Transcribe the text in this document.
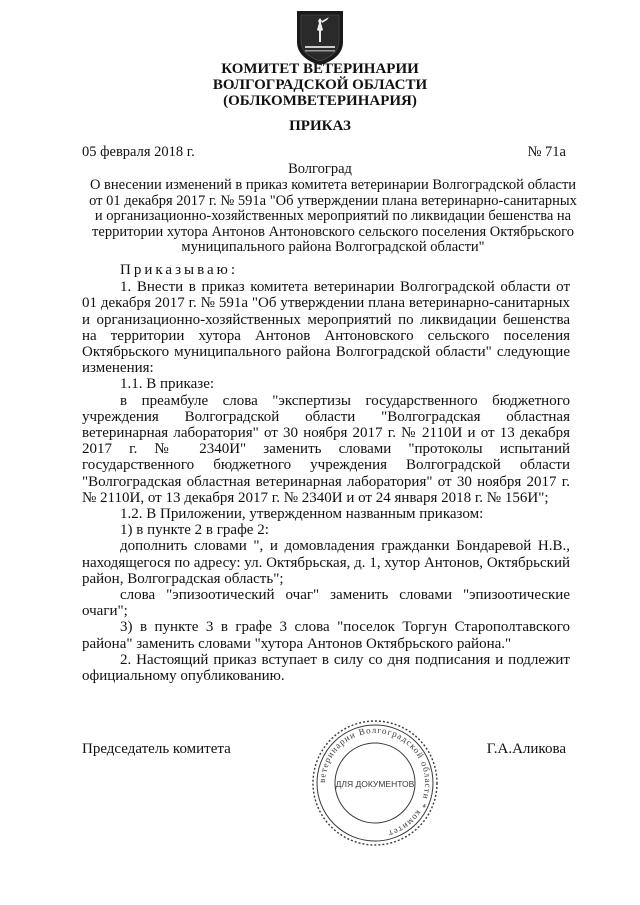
КОМИТЕТ ВЕТЕРИНАРИИ
ВОЛГОГРАДСКОЙ ОБЛАСТИ
(ОБЛКОМВЕТЕРИНАРИЯ)
ПРИКАЗ
05 февраля 2018 г.	№ 71а
Волгоград
О внесении изменений в приказ комитета ветеринарии Волгоградской области от 01 декабря 2017 г. № 591а "Об утверждении плана ветеринарно-санитарных и организационно-хозяйственных мероприятий по ликвидации бешенства на территории хутора Антонов Антоновского сельского поселения Октябрьского муниципального района Волгоградской области"

Приказываю:

1. Внести в приказ комитета ветеринарии Волгоградской области от 01 декабря 2017 г. № 591а "Об утверждении плана ветеринарно-санитарных и организационно-хозяйственных мероприятий по ликвидации бешенства на территории хутора Антонов Антоновского сельского поселения Октябрьского муниципального района Волгоградской области" следующие изменения:

1.1. В приказе:

в преамбуле слова "экспертизы государственного бюджетного учреждения Волгоградской области "Волгоградская областная ветеринарная лаборатория" от 30 ноября 2017 г. № 2110И и от 13 декабря 2017 г. № 2340И" заменить словами "протоколы испытаний государственного бюджетного учреждения Волгоградской области "Волгоградская областная ветеринарная лаборатория" от 30 ноября 2017 г. № 2110И, от 13 декабря 2017 г. № 2340И и от 24 января 2018 г. № 156И";

1.2. В Приложении, утвержденном названным приказом:

1) в пункте 2 в графе 2:

дополнить словами ", и домовладения гражданки Бондаревой Н.В., находящегося по адресу: ул. Октябрьская, д. 1, хутор Антонов, Октябрьский район, Волгоградская область";

слова "эпизоотический очаг" заменить словами "эпизоотические очаги";

3) в пункте 3 в графе 3 слова "поселок Торгун Старополтавского района" заменить словами "хутора Антонов Октябрьского района."

2. Настоящий приказ вступает в силу со дня подписания и подлежит официальному опубликованию.

Председатель комитета	Г.А.Аликова
ветеринарии Волгоградской области * комитет
ДЛЯ ДОКУМЕНТОВ
